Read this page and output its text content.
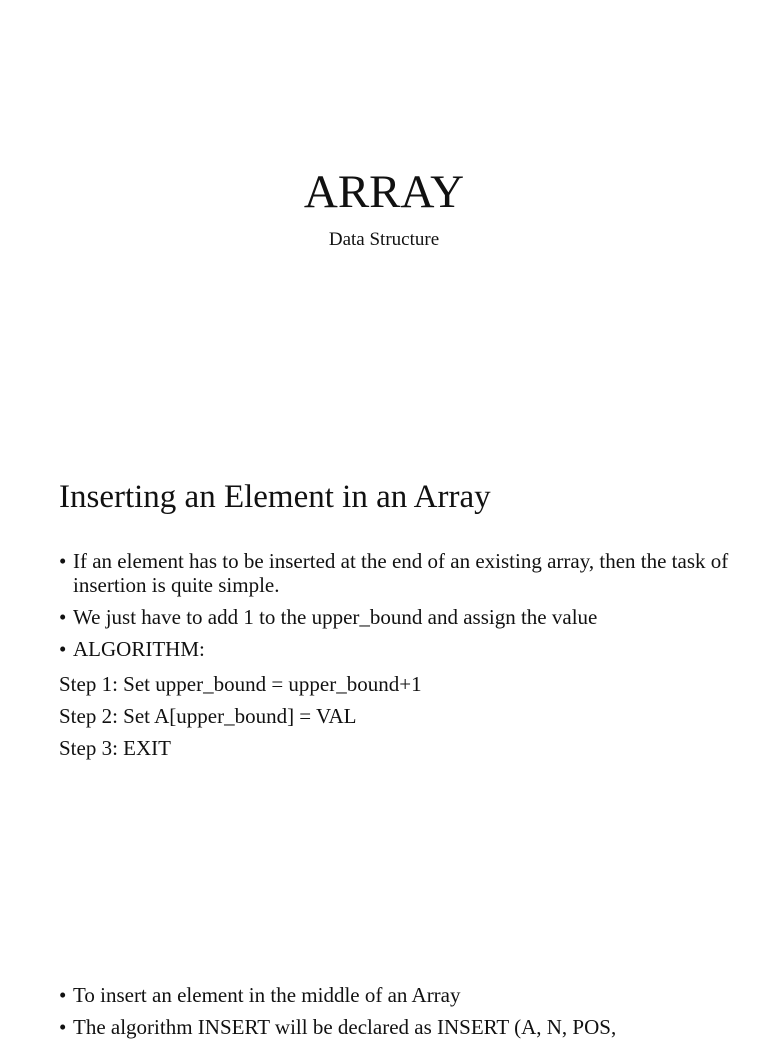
ARRAY
Data Structure
Inserting an Element in an Array
• If an element has to be inserted at the end of an existing array, then the task of insertion is quite simple.
• We just have to add 1 to the upper_bound and assign the value
• ALGORITHM:
Step 1: Set upper_bound = upper_bound+1
Step 2: Set A[upper_bound] = VAL
Step 3: EXIT
• To insert an element in the middle of an Array
• The algorithm INSERT will be declared as INSERT (A, N, POS,
